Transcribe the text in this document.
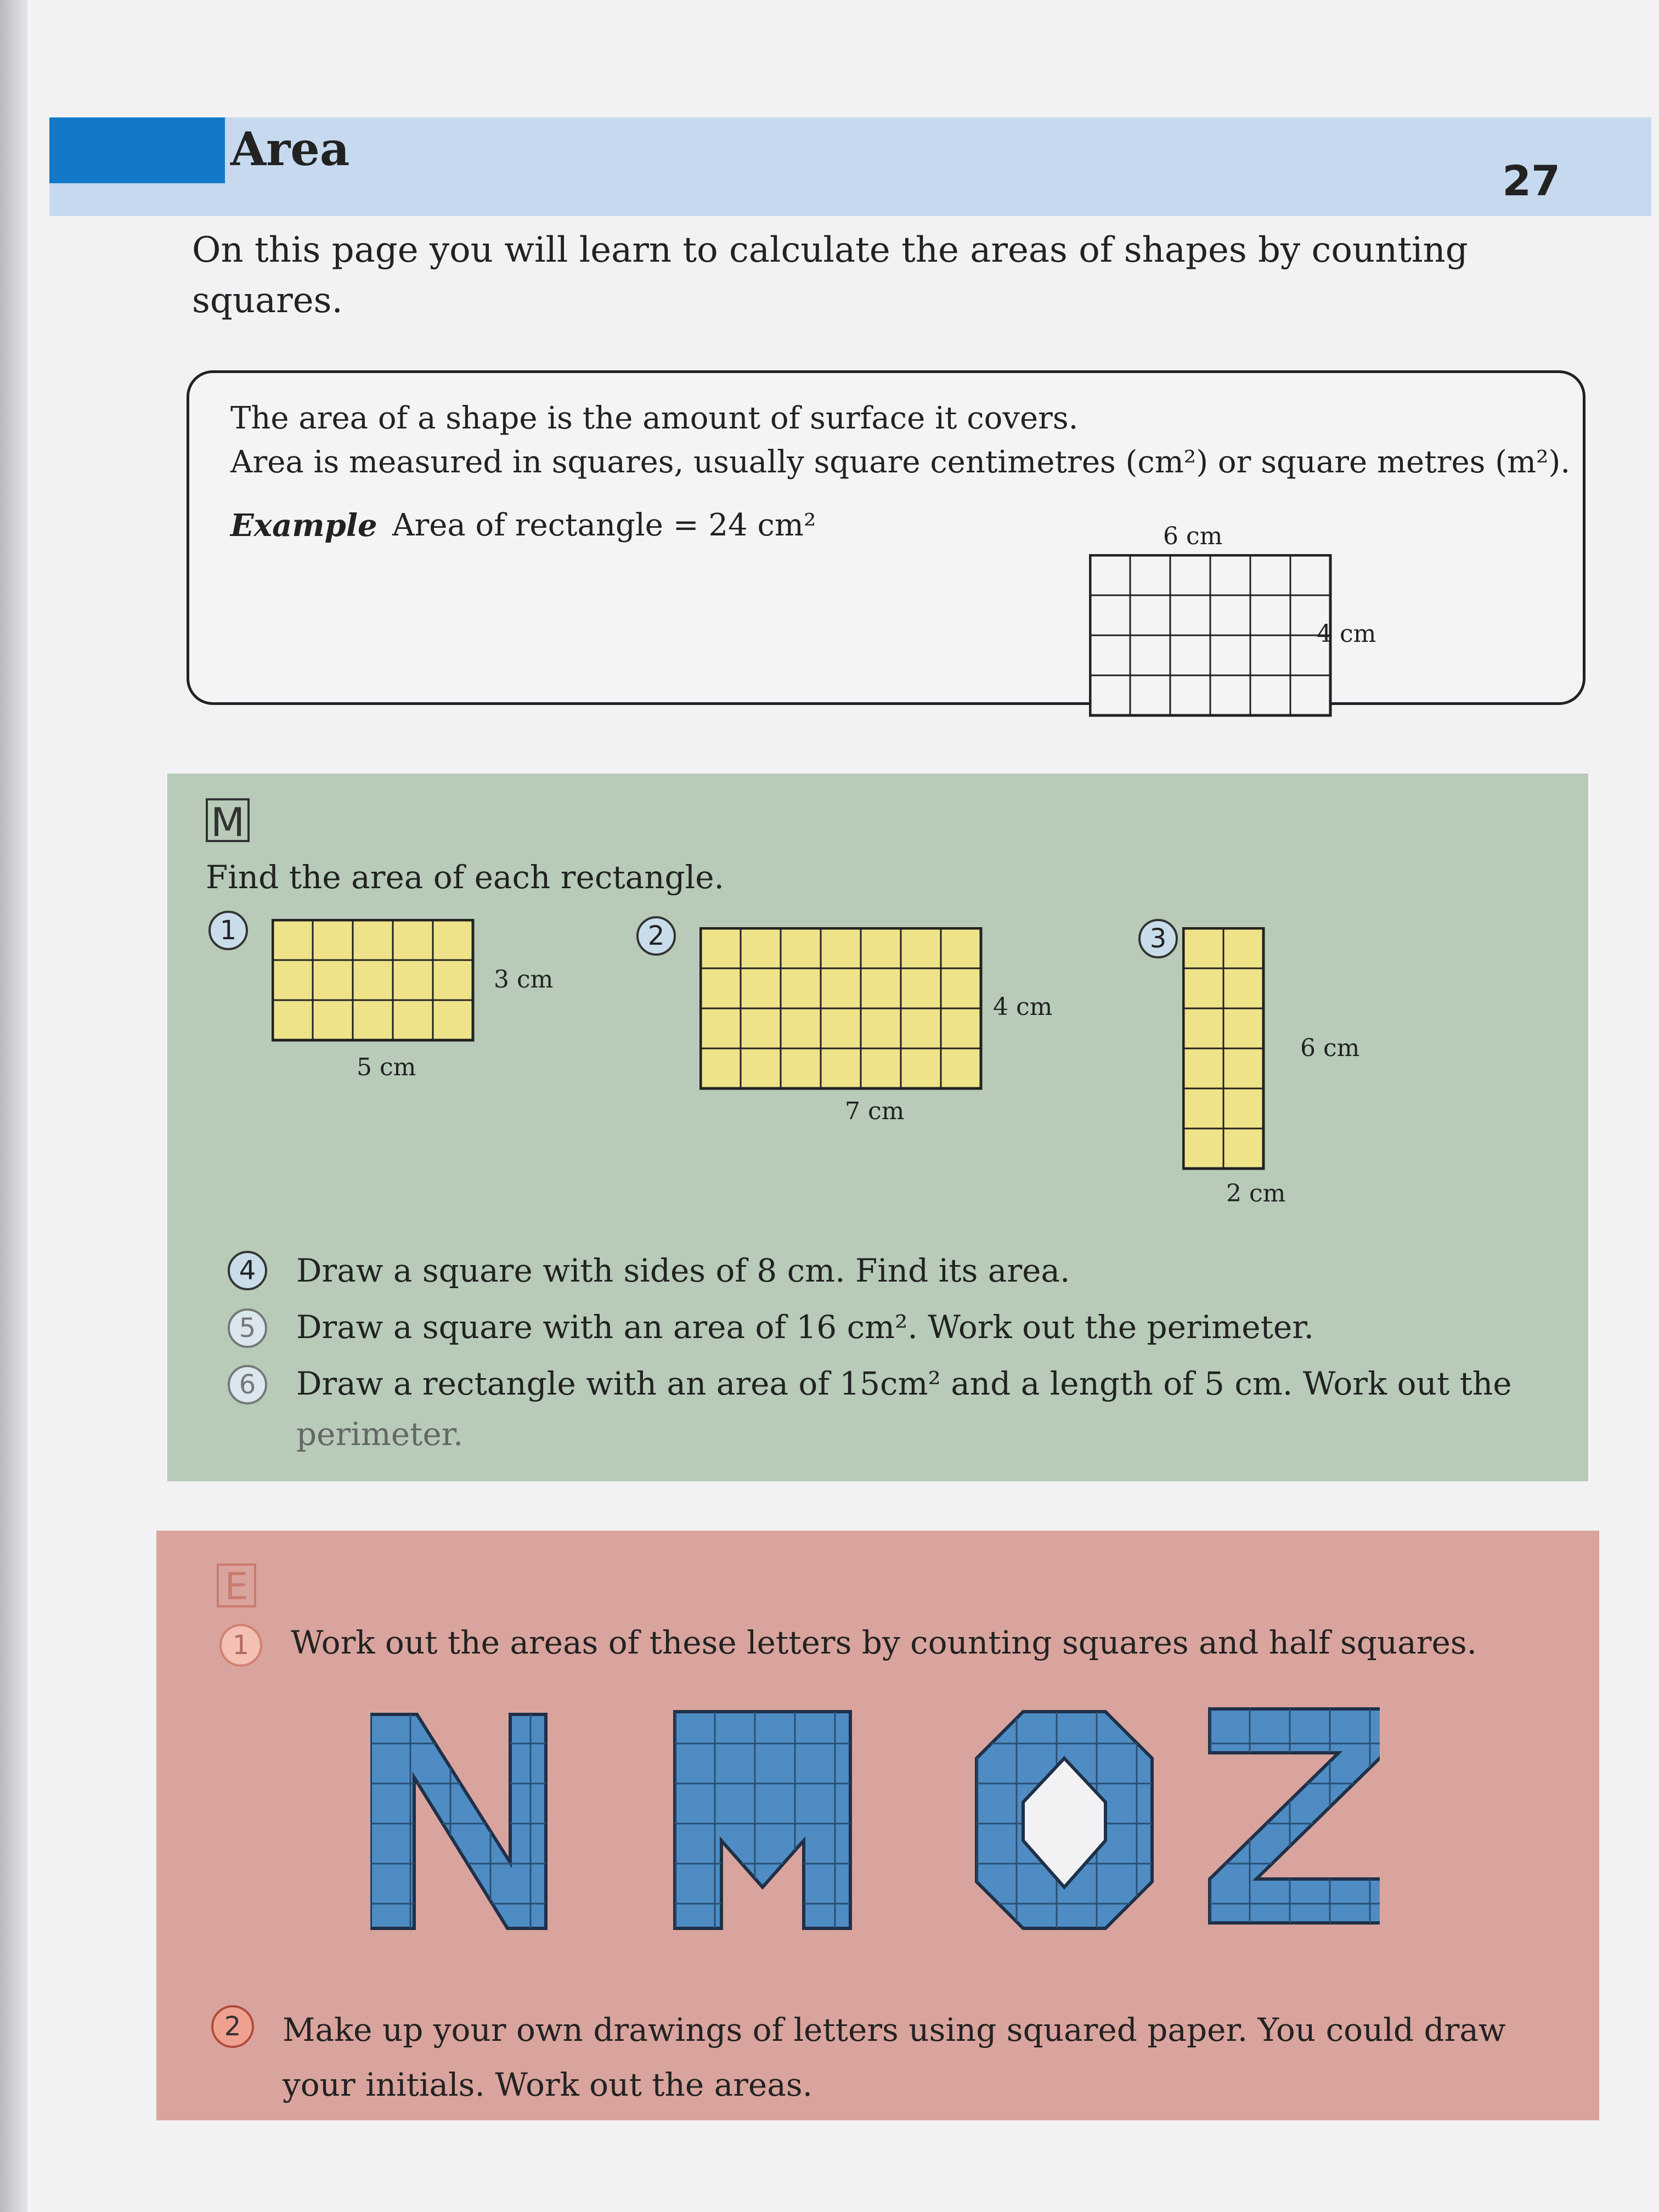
Area
27
On this page you will learn to calculate the areas of shapes by counting squares.
The area of a shape is the amount of surface it covers.
Area is measured in squares, usually square centimetres (cm²) or square metres (m²).
Example Area of rectangle = 24 cm²	6 cm
4 cm
M
Find the area of each rectangle.
1
5 cm
3 cm
2
7 cm
4 cm
3
2 cm
6 cm
4	Draw a square with sides of 8 cm. Find its area.
5	Draw a square with an area of 16 cm². Work out the perimeter.
6	Draw a rectangle with an area of 15cm² and a length of 5 cm. Work out the
perimeter.
E
1	Work out the areas of these letters by counting squares and half squares.
2	Make up your own drawings of letters using squared paper. You could draw your initials. Work out the areas.
